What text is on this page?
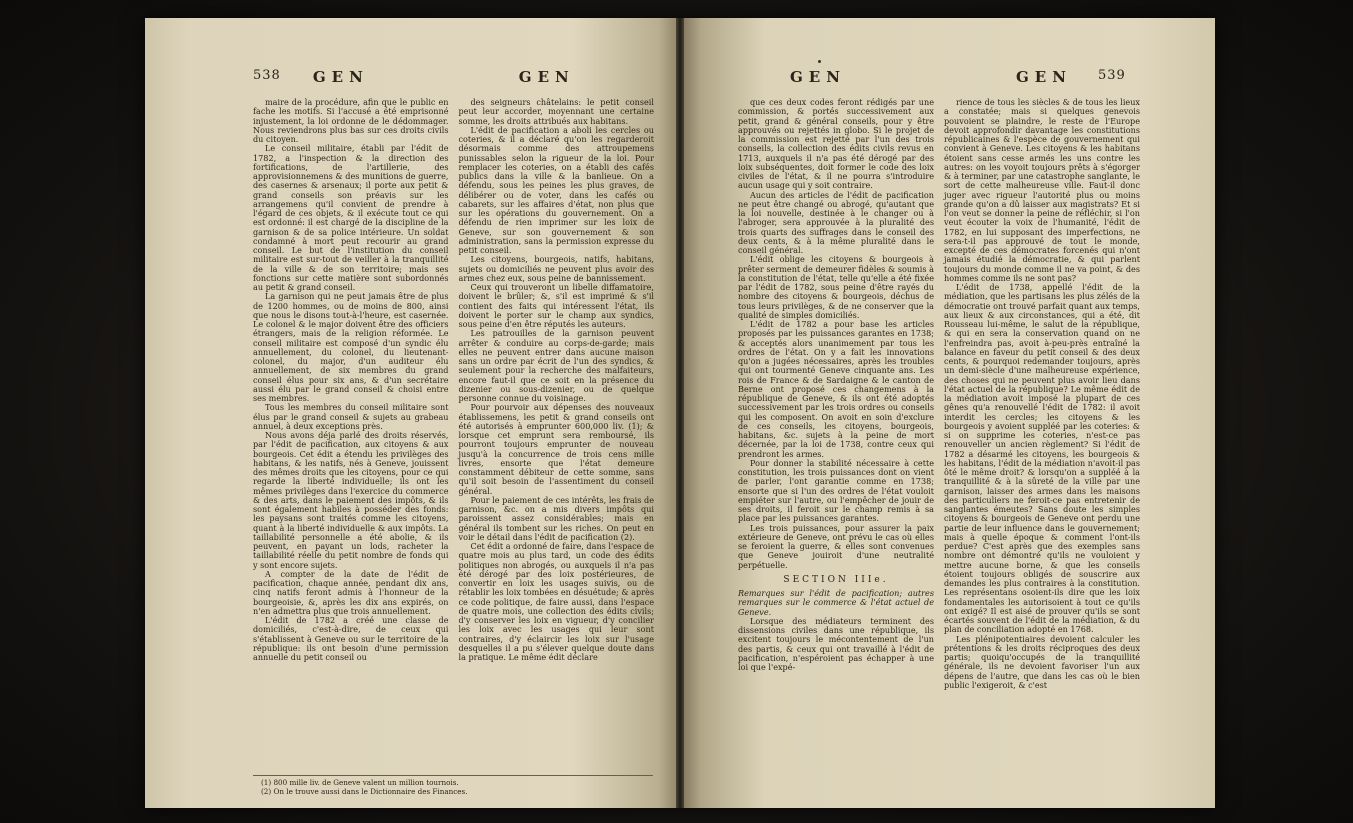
538 GEN	GEN

maire de la procédure, afin que le public en fache les motifs. Si l'accusé a été emprisonné injustement, la loi ordonne de le dédommager. Nous reviendrons plus bas sur ces droits civils du citoyen.

Le conseil militaire, établi par l'édit de 1782, a l'inspection & la direction des fortifications, de l'artillerie, des approvisionnemens & des munitions de guerre, des casernes & arsenaux; il porte aux petit & grand conseils son préavis sur les arrangemens qu'il convient de prendre à l'égard de ces objets, & il exécute tout ce qui est ordonné: il est chargé de la discipline de la garnison & de sa police intérieure. Un soldat condamné à mort peut recourir au grand conseil. Le but de l'institution du conseil militaire est sur-tout de veiller à la tranquillité de la ville & de son territoire; mais ses fonctions sur cette matière sont subordonnés au petit & grand conseil.

La garnison qui ne peut jamais être de plus de 1200 hommes, ou de moins de 800, ainsi que nous le disons tout-à-l'heure, est casernée. Le colonel & le major doivent être des officiers étrangers, mais de la religion réformée. Le conseil militaire est composé d'un syndic élu annuellement, du colonel, du lieutenant-colonel, du major, d'un auditeur élu annuellement, de six membres du grand conseil élus pour six ans, & d'un secrétaire aussi élu par le grand conseil & choisi entre ses membres.

Tous les membres du conseil militaire sont élus par le grand conseil & sujets au grabeau annuel, à deux exceptions près.

Nous avons déja parlé des droits réservés, par l'édit de pacification, aux citoyens & aux bourgeois. Cet édit a étendu les privilèges des habitans, & les natifs, nés à Geneve, jouissent des mêmes droits que les citoyens, pour ce qui regarde la liberté individuelle; ils ont les mêmes privilèges dans l'exercice du commerce & des arts, dans le paiement des impôts, & ils sont également habiles à posséder des fonds: les paysans sont traités comme les citoyens, quant à la liberté individuelle & aux impôts. La taillabilité personnelle a été abolie, & ils peuvent, en payant un lods, racheter la taillabilité réelle du petit nombre de fonds qui y sont encore sujets.

A compter de la date de l'édit de pacification, chaque année, pendant dix ans, cinq natifs feront admis à l'honneur de la bourgeoisie, &, après les dix ans expirés, on n'en admettra plus que trois annuellement.

L'édit de 1782 a créé une classe de domiciliés, c'est-à-dire, de ceux qui s'établissent à Geneve ou sur le territoire de la république: ils ont besoin d'une permission annuelle du petit conseil ou

des seigneurs châtelains: le petit conseil peut leur accorder, moyennant une certaine somme, les droits attribués aux habitans.

L'édit de pacification a aboli les cercles ou coteries, & il a déclaré qu'on les regarderoit désormais comme des attroupemens punissables selon la rigueur de la loi. Pour remplacer les coteries, on a établi des cafés publics dans la ville & la banlieue. On a défendu, sous les peines les plus graves, de délibérer ou de voter, dans les cafés ou cabarets, sur les affaires d'état, non plus que sur les opérations du gouvernement. On a défendu de rien imprimer sur les loix de Geneve, sur son gouvernement & son administration, sans la permission expresse du petit conseil.

Les citoyens, bourgeois, natifs, habitans, sujets ou domiciliés ne peuvent plus avoir des armes chez eux, sous peine de bannissement.

Ceux qui trouveront un libelle diffamatoire, doivent le brûler; &, s'il est imprimé & s'il contient des faits qui intéressent l'état, ils doivent le porter sur le champ aux syndics, sous peine d'en être réputés les auteurs.

Les patrouilles de la garnison peuvent arrêter & conduire au corps-de-garde; mais elles ne peuvent entrer dans aucune maison sans un ordre par écrit de l'un des syndics, & seulement pour la recherche des malfaiteurs, encore faut-il que ce soit en la présence du dizenier ou sous-dizenier, ou de quelque personne connue du voisinage.

Pour pourvoir aux dépenses des nouveaux établissemens, les petit & grand conseils ont été autorisés à emprunter 600,000 liv. (1); & lorsque cet emprunt sera remboursé, ils pourront toujours emprunter de nouveau jusqu'à la concurrence de trois cens mille livres, ensorte que l'état demeure constamment débiteur de cette somme, sans qu'il soit besoin de l'assentiment du conseil général.

Pour le paiement de ces intérêts, les frais de garnison, &c. on a mis divers impôts qui paroissent assez considérables; mais en général ils tombent sur les riches. On peut en voir le détail dans l'édit de pacification (2).

Cet édit a ordonné de faire, dans l'espace de quatre mois au plus tard, un code des édits politiques non abrogés, ou auxquels il n'a pas été dérogé par des loix postérieures, de convertir en loix les usages suivis, ou de rétablir les loix tombées en désuétude; & après ce code politique, de faire aussi, dans l'espace de quatre mois, une collection des édits civils; d'y conserver les loix en vigueur, d'y concilier les loix avec les usages qui leur sont contraires, d'y éclaircir les loix sur l'usage desquelles il a pu s'élever quelque doute dans la pratique. Le même édit déclare

(1) 800 mille liv. de Geneve valent un million tournois.

(2) On le trouve aussi dans le Dictionnaire des Finances.

GEN	GEN 539

que ces deux codes feront rédigés par une commission, & portés successivement aux petit, grand & général conseils, pour y être approuvés ou rejettés in globo. Si le projet de la commission est rejetté par l'un des trois conseils, la collection des édits civils revus en 1713, auxquels il n'a pas été dérogé par des loix subséquentes, doit former le code des loix civiles de l'état, & il ne pourra s'introduire aucun usage qui y soit contraire.

Aucun des articles de l'édit de pacification ne peut être changé ou abrogé, qu'autant que la loi nouvelle, destinée à le changer ou à l'abroger, sera approuvée à la pluralité des trois quarts des suffrages dans le conseil des deux cents, & à la même pluralité dans le conseil général.

L'édit oblige les citoyens & bourgeois à prêter serment de demeurer fidèles & soumis à la constitution de l'état, telle qu'elle a été fixée par l'édit de 1782, sous peine d'être rayés du nombre des citoyens & bourgeois, déchus de tous leurs privilèges, & de ne conserver que la qualité de simples domiciliés.

L'édit de 1782 a pour base les articles proposés par les puissances garantes en 1738; & acceptés alors unanimement par tous les ordres de l'état. On y a fait les innovations qu'on a jugées nécessaires, après les troubles qui ont tourmenté Geneve cinquante ans. Les rois de France & de Sardaigne & le canton de Berne ont proposé ces changemens à la république de Geneve, & ils ont été adoptés successivement par les trois ordres ou conseils qui les composent. On avoit en soin d'exclure de ces conseils, les citoyens, bourgeois, habitans, &c. sujets à la peine de mort décernée, par la loi de 1738, contre ceux qui prendront les armes.

Pour donner la stabilité nécessaire à cette constitution, les trois puissances dont on vient de parler, l'ont garantie comme en 1738; ensorte que si l'un des ordres de l'état vouloit empiéter sur l'autre, ou l'empêcher de jouir de ses droits, il feroit sur le champ remis à sa place par les puissances garantes.

Les trois puissances, pour assurer la paix extérieure de Geneve, ont prévu le cas où elles se feroient la guerre, & elles sont convenues que Geneve jouiroit d'une neutralité perpétuelle.

SECTION IIIe.

Remarques sur l'édit de pacification; autres remarques sur le commerce & l'état actuel de Geneve.

Lorsque des médiateurs terminent des dissensions civiles dans une république, ils excitent toujours le mécontentement de l'un des partis, & ceux qui ont travaillé à l'édit de pacification, n'espéroient pas échapper à une loi que l'expé-

rience de tous les siècles & de tous les lieux a constatée; mais si quelques genevois pouvoient se plaindre, le reste de l'Europe devoit approfondir davantage les constitutions républicaines & l'espèce de gouvernement qui convient à Geneve. Les citoyens & les habitans étoient sans cesse armés les uns contre les autres: on les voyoit toujours prêts à s'égorger & à terminer, par une catastrophe sanglante, le sort de cette malheureuse ville. Faut-il donc juger avec rigueur l'autorité plus ou moins grande qu'on a dû laisser aux magistrats? Et si l'on veut se donner la peine de réfléchir, si l'on veut écouter la voix de l'humanité, l'édit de 1782, en lui supposant des imperfections, ne sera-t-il pas approuvé de tout le monde, excepté de ces démocrates forcenés qui n'ont jamais étudié la démocratie, & qui parlent toujours du monde comme il ne va point, & des hommes comme ils ne sont pas?

L'édit de 1738, appellé l'édit de la médiation, que les partisans les plus zélés de la démocratie ont trouvé parfait quant aux temps, aux lieux & aux circonstances, qui a été, dit Rousseau lui-même, le salut de la république, & qui en sera la conservation quand on ne l'enfreindra pas, avoit à-peu-près entraîné la balance en faveur du petit conseil & des deux cents, & pourquoi redemander toujours, après un demi-siècle d'une malheureuse expérience, des choses qui ne peuvent plus avoir lieu dans l'état actuel de la république? Le même édit de la médiation avoit imposé la plupart de ces gênes qu'a renouvellé l'édit de 1782: il avoit interdit les cercles; les citoyens & les bourgeois y avoient suppléé par les coteries: & si on supprime les coteries, n'est-ce pas renouveller un ancien règlement? Si l'édit de 1782 a désarmé les citoyens, les bourgeois & les habitans, l'édit de la médiation n'avoit-il pas ôté le même droit? & lorsqu'on a suppléé à la tranquillité & à la sûreté de la ville par une garnison, laisser des armes dans les maisons des particuliers ne feroit-ce pas entretenir de sanglantes émeutes? Sans doute les simples citoyens & bourgeois de Geneve ont perdu une partie de leur influence dans le gouvernement; mais à quelle époque & comment l'ont-ils perdue? C'est après que des exemples sans nombre ont démontré qu'ils ne vouloient y mettre aucune borne, & que les conseils étoient toujours obligés de souscrire aux demandes les plus contraires à la constitution. Les représentans osoient-ils dire que les loix fondamentales les autorisoient à tout ce qu'ils ont exigé? Il est aisé de prouver qu'ils se sont écartés souvent de l'édit de la médiation, & du plan de conciliation adopté en 1768.

Les plénipotentiaires devoient calculer les prétentions & les droits réciproques des deux partis; quoiqu'occupés de la tranquillité générale, ils ne devoient favoriser l'un aux dépens de l'autre, que dans les cas où le bien public l'exigeroit, & c'est
